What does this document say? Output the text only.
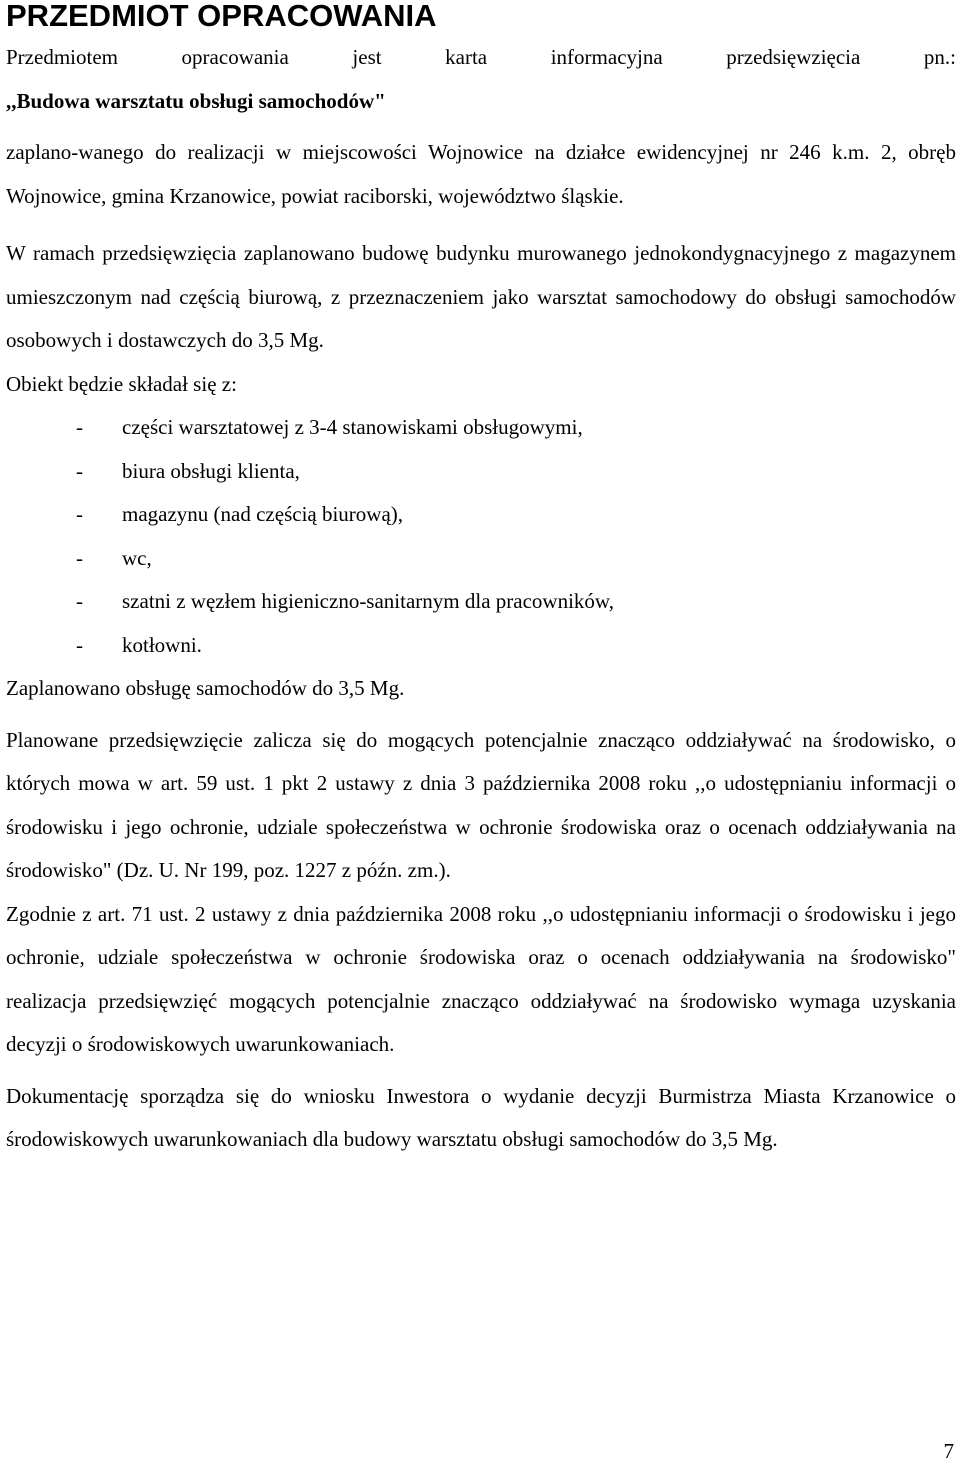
PRZEDMIOT OPRACOWANIA

Przedmiotem opracowania jest karta informacyjna przedsięwzięcia pn.:

,,Budowa warsztatu obsługi samochodów"

zaplano-wanego do realizacji w miejscowości Wojnowice na działce ewidencyjnej nr 246 k.m. 2, obręb Wojnowice, gmina Krzanowice, powiat raciborski, województwo śląskie.

W ramach przedsięwzięcia zaplanowano budowę budynku murowanego jednokondygnacyjnego z magazynem umieszczonym nad częścią biurową, z przeznaczeniem jako warsztat samochodowy do obsługi samochodów osobowych i dostawczych do 3,5 Mg.

Obiekt będzie składał się z:

- części warsztatowej z 3-4 stanowiskami obsługowymi,
- biura obsługi klienta,
- magazynu (nad częścią biurową),
- wc,
- szatni z węzłem higieniczno-sanitarnym dla pracowników,
- kotłowni.

Zaplanowano obsługę samochodów do 3,5 Mg.

Planowane przedsięwzięcie zalicza się do mogących potencjalnie znacząco oddziaływać na środowisko, o których mowa w art. 59 ust. 1 pkt 2 ustawy z dnia 3 października 2008 roku ,,o udostępnianiu informacji o środowisku i jego ochronie, udziale społeczeństwa w ochronie środowiska oraz o ocenach oddziaływania na środowisko" (Dz. U. Nr 199, poz. 1227 z późn. zm.).

Zgodnie z art. 71 ust. 2 ustawy z dnia października 2008 roku ,,o udostępnianiu informacji o środowisku i jego ochronie, udziale społeczeństwa w ochronie środowiska oraz o ocenach oddziaływania na środowisko" realizacja przedsięwzięć mogących potencjalnie znacząco oddziaływać na środowisko wymaga uzyskania decyzji o środowiskowych uwarunkowaniach.

Dokumentację sporządza się do wniosku Inwestora o wydanie decyzji Burmistrza Miasta Krzanowice o środowiskowych uwarunkowaniach dla budowy warsztatu obsługi samochodów do 3,5 Mg.

7
